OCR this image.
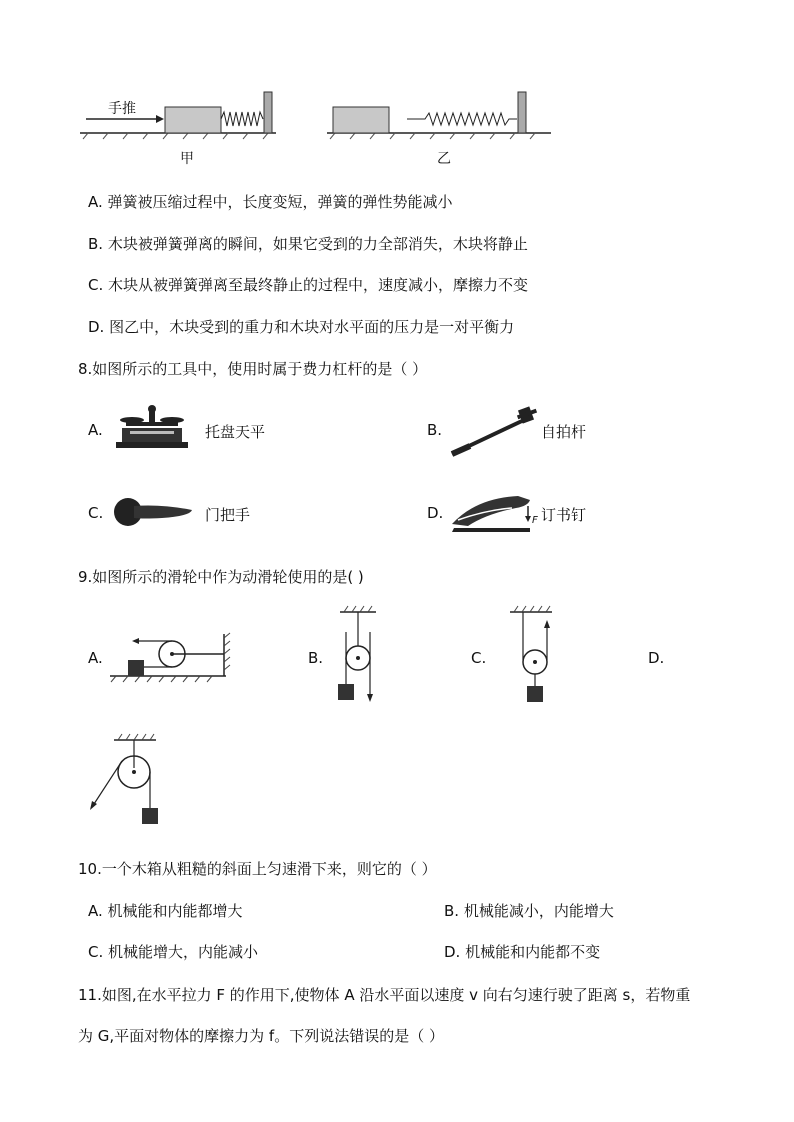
手推
甲	乙
A. 弹簧被压缩过程中，长度变短，弹簧的弹性势能减小
B. 木块被弹簧弹离的瞬间，如果它受到的力全部消失，木块将静止
C. 木块从被弹簧弹离至最终静止的过程中，速度减小，摩擦力不变
D. 图乙中，木块受到的重力和木块对水平面的压力是一对平衡力
8.如图所示的工具中，使用时属于费力杠杆的是（ ）
A.	托盘天平	B.	自拍杆
C.	门把手	D.	F 订书钉
9.如图所示的滑轮中作为动滑轮使用的是( )
A.	B.	C.	D.
10.一个木箱从粗糙的斜面上匀速滑下来，则它的（ ）
A. 机械能和内能都增大	B. 机械能减小，内能增大
C. 机械能增大，内能减小	D. 机械能和内能都不变
11.如图,在水平拉力 F 的作用下,使物体 A 沿水平面以速度 v 向右匀速行驶了距离 s，若物重
为 G,平面对物体的摩擦力为 f。下列说法错误的是（ ）
